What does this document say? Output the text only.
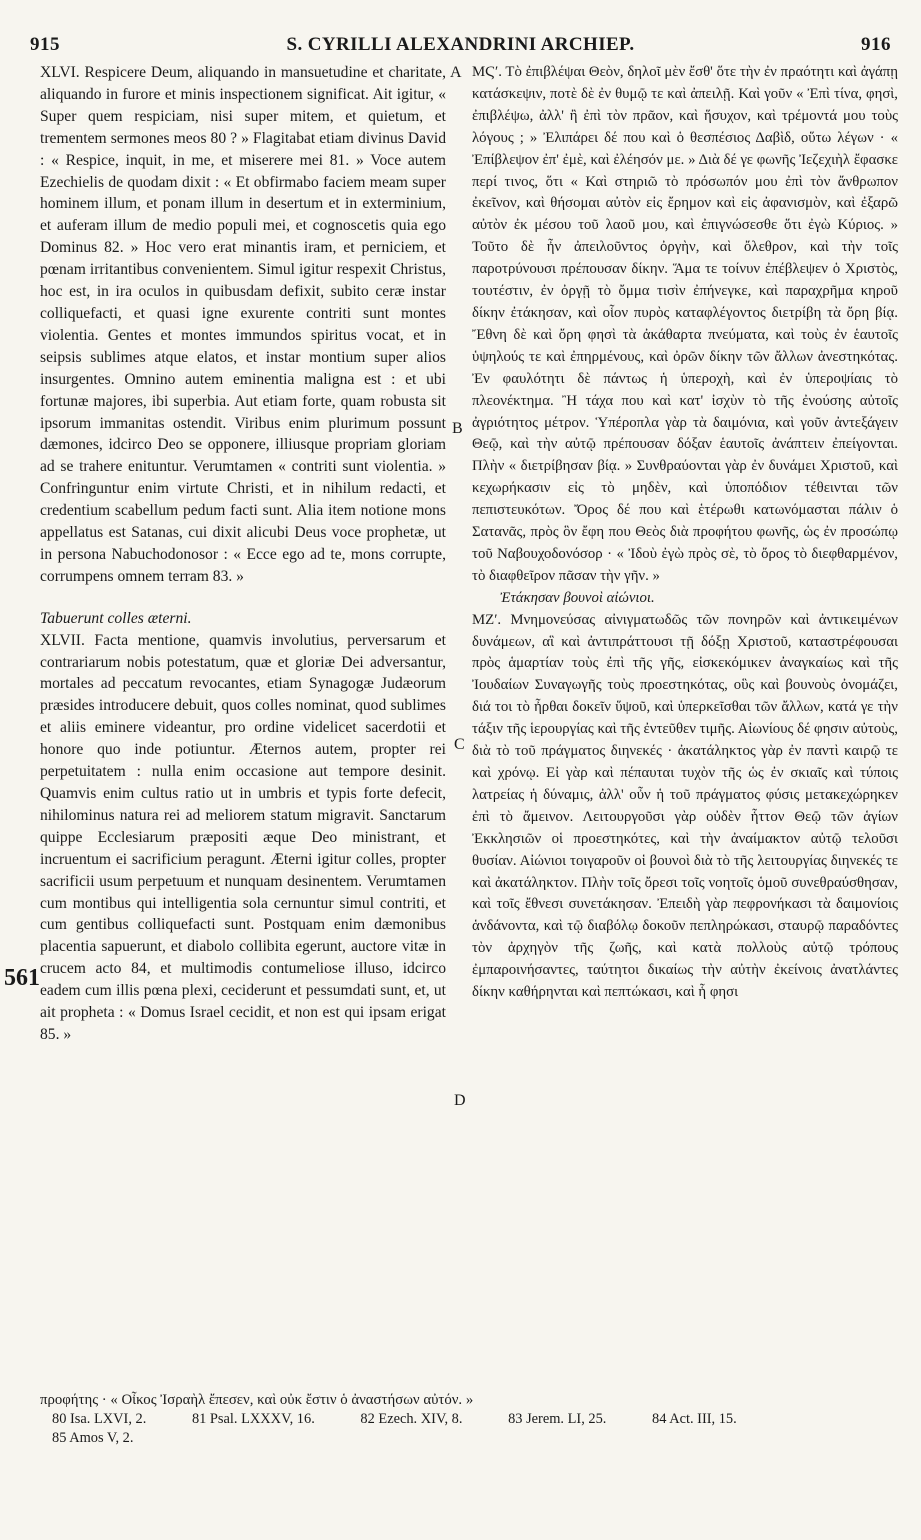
915	S. CYRILLI ALEXANDRINI ARCHIEP.	916
A
B
C
D
561

XLVI. Respicere Deum, aliquando in mansuetudine et charitate, aliquando in furore et minis inspectionem significat. Ait igitur, « Super quem respiciam, nisi super mitem, et quietum, et trementem sermones meos 80 ? » Flagitabat etiam divinus David : « Respice, inquit, in me, et miserere mei 81. » Voce autem Ezechielis de quodam dixit : « Et obfirmabo faciem meam super hominem illum, et ponam illum in desertum et in exterminium, et auferam illum de medio populi mei, et cognoscetis quia ego Dominus 82. » Hoc vero erat minantis iram, et perniciem, et pœnam irritantibus convenientem. Simul igitur respexit Christus, hoc est, in ira oculos in quibusdam defixit, subito ceræ instar colliquefacti, et quasi igne exurente contriti sunt montes violentia. Gentes et montes immundos spiritus vocat, et in seipsis sublimes atque elatos, et instar montium super alios insurgentes. Omnino autem eminentia maligna est : et ubi fortunæ majores, ibi superbia. Aut etiam forte, quam robusta sit ipsorum immanitas ostendit. Viribus enim plurimum possunt dæmones, idcirco Deo se opponere, illiusque propriam gloriam ad se trahere enituntur. Verumtamen « contriti sunt violentia. » Confringuntur enim virtute Christi, et in nihilum redacti, et credentium scabellum pedum facti sunt. Alia item notione mons appellatus est Satanas, cui dixit alicubi Deus voce prophetæ, ut in persona Nabuchodonosor : « Ecce ego ad te, mons corrupte, corrumpens omnem terram 83. »

Tabuerunt colles æterni.

XLVII. Facta mentione, quamvis involutius, perversarum et contrariarum nobis potestatum, quæ et gloriæ Dei adversantur, mortales ad peccatum revocantes, etiam Synagogæ Judæorum præsides introducere debuit, quos colles nominat, quod sublimes et aliis eminere videantur, pro ordine videlicet sacerdotii et honore quo inde potiuntur. Æternos autem, propter rei perpetuitatem : nulla enim occasione aut tempore desinit. Quamvis enim cultus ratio ut in umbris et typis forte defecit, nihilominus natura rei ad meliorem statum migravit. Sanctarum quippe Ecclesiarum præpositi æque Deo ministrant, et incruentum ei sacrificium peragunt. Æterni igitur colles, propter sacrificii usum perpetuum et nunquam desinentem. Verumtamen cum montibus qui intelligentia sola cernuntur simul contriti, et cum gentibus colliquefacti sunt. Postquam enim dæmonibus placentia sapuerunt, et diabolo collibita egerunt, auctore vitæ in crucem acto 84, et multimodis contumeliose illuso, idcirco eadem cum illis pœna plexi, ceciderunt et pessumdati sunt, et, ut ait propheta : « Domus Israel cecidit, et non est qui ipsam erigat 85. »

ΜϚʹ. Τὸ ἐπιβλέψαι Θεὸν, δηλοῖ μὲν ἔσθ' ὅτε τὴν ἐν πραότητι καὶ ἀγάπῃ κατάσκεψιν, ποτὲ δὲ ἐν θυμῷ τε καὶ ἀπειλῇ. Καὶ γοῦν « Ἐπὶ τίνα, φησὶ, ἐπιβλέψω, ἀλλ' ἢ ἐπὶ τὸν πρᾶον, καὶ ἥσυχον, καὶ τρέμοντά μου τοὺς λόγους ; » Ἐλιπάρει δέ που καὶ ὁ θεσπέσιος Δαβὶδ, οὕτω λέγων · « Ἐπίβλεψον ἐπ' ἐμὲ, καὶ ἐλέησόν με. » Διὰ δέ γε φωνῆς Ἰεζεχιὴλ ἔφασκε περί τινος, ὅτι « Καὶ στηριῶ τὸ πρόσωπόν μου ἐπὶ τὸν ἄνθρωπον ἐκεῖνον, καὶ θήσομαι αὐτὸν εἰς ἔρημον καὶ εἰς ἀφανισμὸν, καὶ ἐξαρῶ αὐτὸν ἐκ μέσου τοῦ λαοῦ μου, καὶ ἐπιγνώσεσθε ὅτι ἐγὼ Κύριος. » Τοῦτο δὲ ἦν ἀπειλοῦντος ὀργὴν, καὶ ὄλεθρον, καὶ τὴν τοῖς παροτρύνουσι πρέπουσαν δίκην. Ἅμα τε τοίνυν ἐπέβλεψεν ὁ Χριστὸς, τουτέστιν, ἐν ὀργῇ τὸ ὄμμα τισὶν ἐπήνεγκε, καὶ παραχρῆμα κηροῦ δίκην ἐτάκησαν, καὶ οἷον πυρὸς καταφλέγοντος διετρίβη τὰ ὄρη βίᾳ. Ἔθνη δὲ καὶ ὄρη φησὶ τὰ ἀκάθαρτα πνεύματα, καὶ τοὺς ἐν ἑαυτοῖς ὑψηλούς τε καὶ ἐπηρμένους, καὶ ὀρῶν δίκην τῶν ἄλλων ἀνεστηκότας. Ἐν φαυλότητι δὲ πάντως ἡ ὑπεροχὴ, καὶ ἐν ὑπεροψίαις τὸ πλεονέκτημα. Ἢ τάχα που καὶ κατ' ἰσχὺν τὸ τῆς ἐνούσης αὐτοῖς ἀγριότητος μέτρον. Ὑπέροπλα γὰρ τὰ δαιμόνια, καὶ γοῦν ἀντεξάγειν Θεῷ, καὶ τὴν αὐτῷ πρέπουσαν δόξαν ἑαυτοῖς ἀνάπτειν ἐπείγονται. Πλὴν « διετρίβησαν βίᾳ. » Συνθραύονται γὰρ ἐν δυνάμει Χριστοῦ, καὶ κεχωρήκασιν εἰς τὸ μηδὲν, καὶ ὑποπόδιον τέθεινται τῶν πεπιστευκότων. Ὄρος δέ που καὶ ἑτέρωθι κατωνόμασται πάλιν ὁ Σατανᾶς, πρὸς ὃν ἔφη που Θεὸς διὰ προφήτου φωνῆς, ὡς ἐν προσώπῳ τοῦ Ναβουχοδονόσορ · « Ἰδοὺ ἐγὼ πρὸς σὲ, τὸ ὄρος τὸ διεφθαρμένον, τὸ διαφθεῖρον πᾶσαν τὴν γῆν. »

Ἐτάκησαν βουνοὶ αἰώνιοι.

ΜΖʹ. Μνημονεύσας αἰνιγματωδῶς τῶν πονηρῶν καὶ ἀντικειμένων δυνάμεων, αἳ καὶ ἀντιπράττουσι τῇ δόξῃ Χριστοῦ, καταστρέφουσαι πρὸς ἁμαρτίαν τοὺς ἐπὶ τῆς γῆς, εἰσκεκόμικεν ἀναγκαίως καὶ τῆς Ἰουδαίων Συναγωγῆς τοὺς προεστηκότας, οὓς καὶ βουνοὺς ὀνομάζει, διά τοι τὸ ἦρθαι δοκεῖν ὕψοῦ, καὶ ὑπερκεῖσθαι τῶν ἄλλων, κατά γε τὴν τάξιν τῆς ἱερουργίας καὶ τῆς ἐντεῦθεν τιμῆς. Αἰωνίους δέ φησιν αὐτοὺς, διὰ τὸ τοῦ πράγματος διηνεκές · ἀκατάληκτος γὰρ ἐν παντὶ καιρῷ τε καὶ χρόνῳ. Εἰ γὰρ καὶ πέπαυται τυχὸν τῆς ὡς ἐν σκιαῖς καὶ τύποις λατρείας ἡ δύναμις, ἀλλ' οὖν ἡ τοῦ πράγματος φύσις μετακεχώρηκεν ἐπὶ τὸ ἄμεινον. Λειτουργοῦσι γὰρ οὐδὲν ἧττον Θεῷ τῶν ἁγίων Ἐκκλησιῶν οἱ προεστηκότες, καὶ τὴν ἀναίμακτον αὐτῷ τελοῦσι θυσίαν. Αἰώνιοι τοιγαροῦν οἱ βουνοὶ διὰ τὸ τῆς λειτουργίας διηνεκές τε καὶ ἀκατάληκτον. Πλὴν τοῖς ὄρεσι τοῖς νοητοῖς ὁμοῦ συνεθραύσθησαν, καὶ τοῖς ἔθνεσι συνετάκησαν. Ἐπειδὴ γὰρ πεφρονήκασι τὰ δαιμονίοις ἁνδάνοντα, καὶ τῷ διαβόλῳ δοκοῦν πεπληρώκασι, σταυρῷ παραδόντες τὸν ἀρχηγὸν τῆς ζωῆς, καὶ κατὰ πολλοὺς αὐτῷ τρόπους ἐμπαροινήσαντες, ταύτητοι δικαίως τὴν αὐτὴν ἐκείνοις ἀνατλάντες δίκην καθήρηνται καὶ πεπτώκασι, καὶ ἧ φησι

προφήτης · « Οἶκος Ἰσραὴλ ἔπεσεν, καὶ οὐκ ἔστιν ὁ ἀναστήσων αὐτόν. »
80 Isa. LXVI, 2.	81 Psal. LXXXV, 16.	82 Ezech. XIV, 8.	83 Jerem. LI, 25.	84 Act. III, 15.
85 Amos V, 2.
